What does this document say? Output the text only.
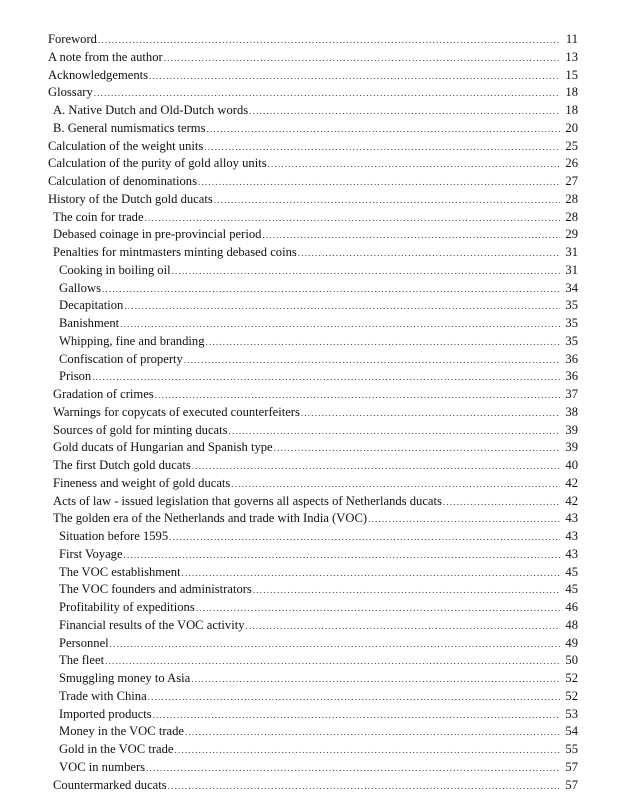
Foreword .....	11
A note from the author .....	13
Acknowledgements .....	15
Glossary .....	18
A. Native Dutch and Old-Dutch words .....	18
B. General numismatics terms .....	20
Calculation of the weight units .....	25
Calculation of the purity of gold alloy units .....	26
Calculation of denominations .....	27
History of the Dutch gold ducats .....	28
The coin for trade .....	28
Debased coinage in pre-provincial period .....	29
Penalties for mintmasters minting debased coins .....	31
Cooking in boiling oil .....	31
Gallows .....	34
Decapitation .....	35
Banishment .....	35
Whipping, fine and branding .....	35
Confiscation of property .....	36
Prison .....	36
Gradation of crimes .....	37
Warnings for copycats of executed counterfeiters .....	38
Sources of gold for minting ducats .....	39
Gold ducats of Hungarian and Spanish type .....	39
The first Dutch gold ducats .....	40
Fineness and weight of gold ducats .....	42
Acts of law - issued legislation that governs all aspects of Netherlands ducats .....	42
The golden era of the Netherlands and trade with India (VOC) .....	43
Situation before 1595 .....	43
First Voyage .....	43
The VOC establishment .....	45
The VOC founders and administrators .....	45
Profitability of expeditions .....	46
Financial results of the VOC activity .....	48
Personnel .....	49
The fleet .....	50
Smuggling money to Asia .....	52
Trade with China .....	52
Imported products .....	53
Money in the VOC trade .....	54
Gold in the VOC trade .....	55
VOC in numbers .....	57
Countermarked ducats .....	57
